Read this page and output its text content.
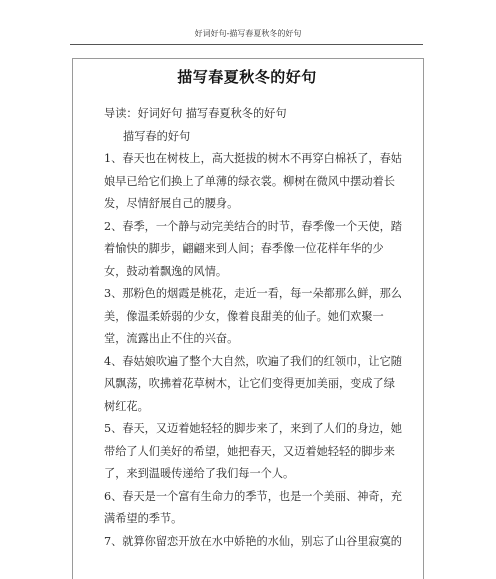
好词好句-描写春夏秋冬的好句
描写春夏秋冬的好句

导读：好词好句 描写春夏秋冬的好句

描写春的好句

1、春天也在树枝上，高大挺拔的树木不再穿白棉袄了，春姑娘早已给它们换上了单薄的绿衣裳。柳树在微风中摆动着长发，尽情舒展自己的腰身。

2、春季，一个静与动完美结合的时节，春季像一个天使，踏着愉快的脚步，翩翩来到人间；春季像一位花样年华的少女，鼓动着飘逸的风情。

3、那粉色的烟霞是桃花，走近一看，每一朵都那么鲜，那么美，像温柔娇弱的少女，像着良甜美的仙子。她们欢聚一堂，流露出止不住的兴奋。

4、春姑娘吹遍了整个大自然，吹遍了我们的红领巾，让它随风飘荡，吹拂着花草树木，让它们变得更加美丽，变成了绿树红花。

5、春天，又迈着她轻轻的脚步来了，来到了人们的身边，她带给了人们美好的希望，她把春天，又迈着她轻轻的脚步来了，来到温暖传递给了我们每一个人。

6、春天是一个富有生命力的季节，也是一个美丽、神奇，充满希望的季节。

7、就算你留恋开放在水中娇艳的水仙，别忘了山谷里寂寞的
